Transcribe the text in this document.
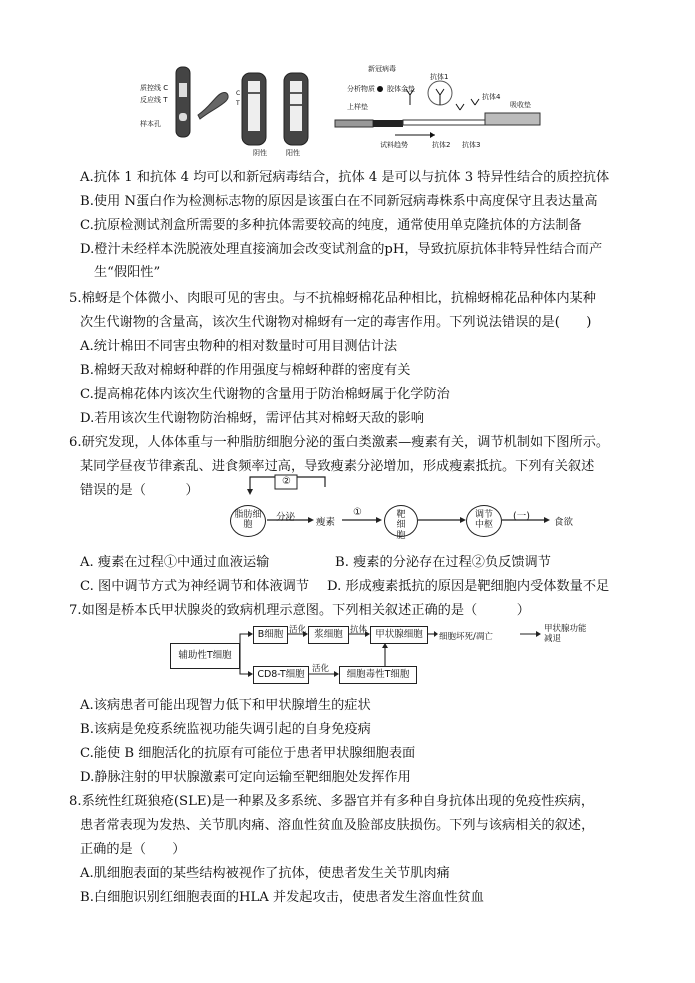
质控线 C
反应线 T
样本孔
C
T
阴性	阳性
新冠病毒
抗体1
抗体4
分析物质 胶体金垫
上样垫	吸收垫
试料趋势	抗体2 抗体3
A.抗体 1 和抗体 4 均可以和新冠病毒结合，抗体 4 是可以与抗体 3 特异性结合的质控抗体
B.使用 N蛋白作为检测标志物的原因是该蛋白在不同新冠病毒株系中高度保守且表达量高
C.抗原检测试剂盒所需要的多种抗体需要较高的纯度，通常使用单克隆抗体的方法制备
D.橙汁未经样本洗脱液处理直接滴加会改变试剂盒的pH，导致抗原抗体非特异性结合而产
生“假阳性”
5.棉蚜是个体微小、肉眼可见的害虫。与不抗棉蚜棉花品种相比，抗棉蚜棉花品种体内某种
次生代谢物的含量高，该次生代谢物对棉蚜有一定的毒害作用。下列说法错误的是(　　)
A.统计棉田不同害虫物种的相对数量时可用目测估计法
B.棉蚜天敌对棉蚜种群的作用强度与棉蚜种群的密度有关
C.提高棉花体内该次生代谢物的含量用于防治棉蚜属于化学防治
D.若用该次生代谢物防治棉蚜，需评估其对棉蚜天敌的影响
6.研究发现，人体体重与一种脂肪细胞分泌的蛋白类激素—瘦素有关，调节机制如下图所示。
某同学昼夜节律紊乱、进食频率过高，导致瘦素分泌增加，形成瘦素抵抗。下列有关叙述
错误的是（　　　）
②
脂肪细胞
分泌 瘦素
①	靶细胞
调节中枢
(一)
食欲
A. 瘦素在过程①中通过血液运输	B. 瘦素的分泌存在过程②负反馈调节
C. 图中调节方式为神经调节和体液调节 D. 形成瘦素抵抗的原因是靶细胞内受体数量不足
7.如图是桥本氏甲状腺炎的致病机理示意图。下列相关叙述正确的是（　　　）
辅助性T细胞
B细胞 活化 浆细胞 抗体 甲状腺细胞	细胞坏死/凋亡
甲状腺功能减退
CD8-T细胞 活化	细胞毒性T细胞
A.该病患者可能出现智力低下和甲状腺增生的症状
B.该病是免疫系统监视功能失调引起的自身免疫病
C.能使 B 细胞活化的抗原有可能位于患者甲状腺细胞表面
D.静脉注射的甲状腺激素可定向运输至靶细胞处发挥作用
8.系统性红斑狼疮(SLE)是一种累及多系统、多器官并有多种自身抗体出现的免疫性疾病，
患者常表现为发热、关节肌肉痛、溶血性贫血及脸部皮肤损伤。下列与该病相关的叙述，
正确的是（　　）
A.肌细胞表面的某些结构被视作了抗体，使患者发生关节肌肉痛
B.白细胞识别红细胞表面的HLA 并发起攻击，使患者发生溶血性贫血
